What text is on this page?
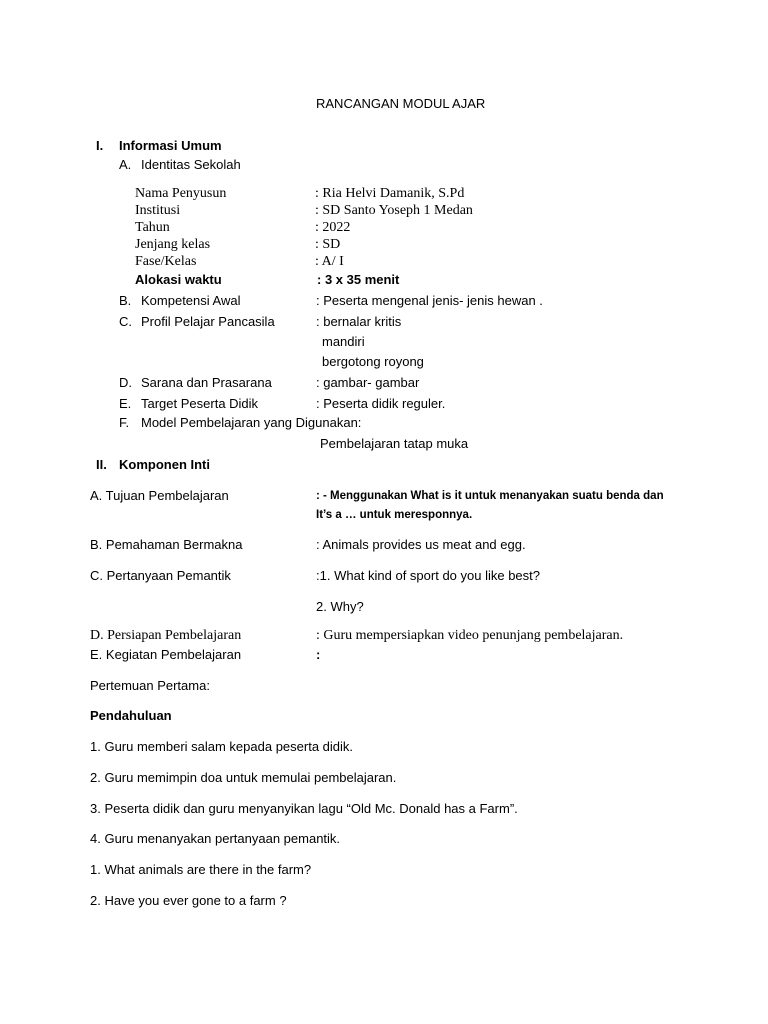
RANCANGAN MODUL AJAR
I. Informasi Umum
A. Identitas Sekolah
Nama Penyusun	: Ria Helvi Damanik, S.Pd
Institusi	: SD Santo Yoseph 1 Medan
Tahun	: 2022
Jenjang kelas	: SD
Fase/Kelas	: A/ I
Alokasi waktu	: 3 x 35 menit
B. Kompetensi Awal	: Peserta mengenal jenis- jenis hewan .
C. Profil Pelajar Pancasila	: bernalar kritis
mandiri
bergotong royong
D. Sarana dan Prasarana	: gambar- gambar
E. Target Peserta Didik	: Peserta didik reguler.
F. Model Pembelajaran yang Digunakan:
Pembelajaran tatap muka
II. Komponen Inti
A. Tujuan Pembelajaran	: - Menggunakan What is it untuk menanyakan suatu benda dan
It’s a … untuk meresponnya.
B. Pemahaman Bermakna	: Animals provides us meat and egg.
C. Pertanyaan Pemantik	:1. What kind of sport do you like best?
2. Why?
D. Persiapan Pembelajaran	: Guru mempersiapkan video penunjang pembelajaran.
E. Kegiatan Pembelajaran	:
Pertemuan Pertama:
Pendahuluan
1. Guru memberi salam kepada peserta didik.
2. Guru memimpin doa untuk memulai pembelajaran.
3. Peserta didik dan guru menyanyikan lagu “Old Mc. Donald has a Farm”.
4. Guru menanyakan pertanyaan pemantik.
1. What animals are there in the farm?
2. Have you ever gone to a farm ?
